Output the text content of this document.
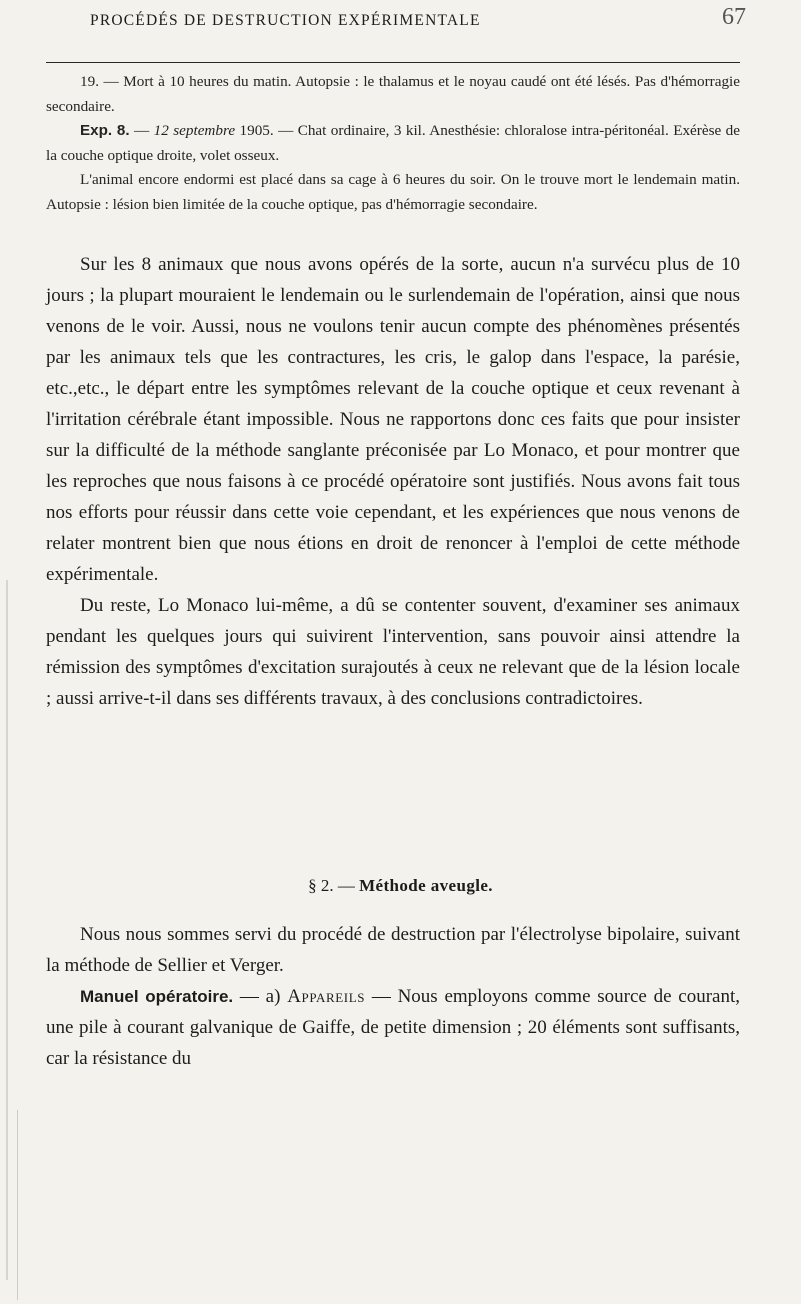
PROCÉDÉS DE DESTRUCTION EXPÉRIMENTALE	67

19. — Mort à 10 heures du matin. Autopsie : le thalamus et le noyau caudé ont été lésés. Pas d'hémorragie secondaire.

Exp. 8. — 12 septembre 1905. — Chat ordinaire, 3 kil. Anesthésie: chloralose intra-péritonéal. Exérèse de la couche optique droite, volet osseux.

L'animal encore endormi est placé dans sa cage à 6 heures du soir. On le trouve mort le lendemain matin. Autopsie : lésion bien limitée de la couche optique, pas d'hémorragie secondaire.

Sur les 8 animaux que nous avons opérés de la sorte, aucun n'a survécu plus de 10 jours ; la plupart mouraient le lendemain ou le surlendemain de l'opération, ainsi que nous venons de le voir. Aussi, nous ne voulons tenir aucun compte des phénomènes présentés par les animaux tels que les contractures, les cris, le galop dans l'espace, la parésie, etc.,etc., le départ entre les symptômes relevant de la couche optique et ceux revenant à l'irritation cérébrale étant impossible. Nous ne rapportons donc ces faits que pour insister sur la difficulté de la méthode sanglante préconisée par Lo Monaco, et pour montrer que les reproches que nous faisons à ce procédé opératoire sont justifiés. Nous avons fait tous nos efforts pour réussir dans cette voie cependant, et les expériences que nous venons de relater montrent bien que nous étions en droit de renoncer à l'emploi de cette méthode expérimentale.

Du reste, Lo Monaco lui-même, a dû se contenter souvent, d'examiner ses animaux pendant les quelques jours qui suivirent l'intervention, sans pouvoir ainsi attendre la rémission des symptômes d'excitation surajoutés à ceux ne relevant que de la lésion locale ; aussi arrive-t-il dans ses différents travaux, à des conclusions contradictoires.

§ 2. — Méthode aveugle.

Nous nous sommes servi du procédé de destruction par l'électrolyse bipolaire, suivant la méthode de Sellier et Verger.

Manuel opératoire. — a) Appareils — Nous employons comme source de courant, une pile à courant galvanique de Gaiffe, de petite dimension ; 20 éléments sont suffisants, car la résistance du
